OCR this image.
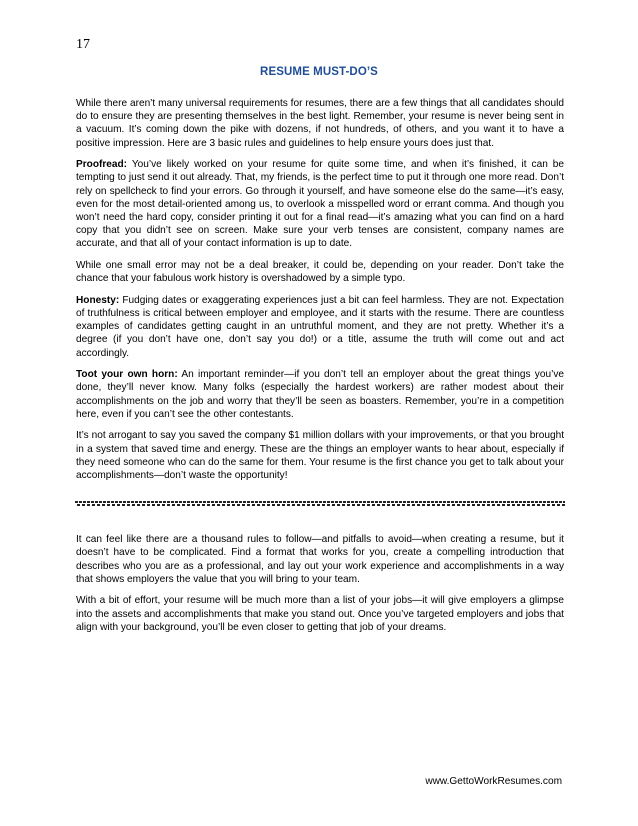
17
RESUME MUST-DO’S

While there aren’t many universal requirements for resumes, there are a few things that all candidates should do to ensure they are presenting themselves in the best light. Remember, your resume is never being sent in a vacuum. It’s coming down the pike with dozens, if not hundreds, of others, and you want it to have a positive impression. Here are 3 basic rules and guidelines to help ensure yours does just that.

Proofread: You’ve likely worked on your resume for quite some time, and when it’s finished, it can be tempting to just send it out already. That, my friends, is the perfect time to put it through one more read. Don’t rely on spellcheck to find your errors. Go through it yourself, and have someone else do the same—it’s easy, even for the most detail-oriented among us, to overlook a misspelled word or errant comma. And though you won’t need the hard copy, consider printing it out for a final read—it’s amazing what you can find on a hard copy that you didn’t see on screen. Make sure your verb tenses are consistent, company names are accurate, and that all of your contact information is up to date.

While one small error may not be a deal breaker, it could be, depending on your reader. Don’t take the chance that your fabulous work history is overshadowed by a simple typo.

Honesty: Fudging dates or exaggerating experiences just a bit can feel harmless. They are not. Expectation of truthfulness is critical between employer and employee, and it starts with the resume. There are countless examples of candidates getting caught in an untruthful moment, and they are not pretty. Whether it’s a degree (if you don’t have one, don’t say you do!) or a title, assume the truth will come out and act accordingly.

Toot your own horn: An important reminder—if you don’t tell an employer about the great things you’ve done, they’ll never know. Many folks (especially the hardest workers) are rather modest about their accomplishments on the job and worry that they’ll be seen as boasters. Remember, you’re in a competition here, even if you can’t see the other contestants.

It’s not arrogant to say you saved the company $1 million dollars with your improvements, or that you brought in a system that saved time and energy. These are the things an employer wants to hear about, especially if they need someone who can do the same for them. Your resume is the first chance you get to talk about your accomplishments—don’t waste the opportunity!

It can feel like there are a thousand rules to follow—and pitfalls to avoid—when creating a resume, but it doesn’t have to be complicated. Find a format that works for you, create a compelling introduction that describes who you are as a professional, and lay out your work experience and accomplishments in a way that shows employers the value that you will bring to your team.

With a bit of effort, your resume will be much more than a list of your jobs—it will give employers a glimpse into the assets and accomplishments that make you stand out. Once you’ve targeted employers and jobs that align with your background, you’ll be even closer to getting that job of your dreams.

www.GettoWorkResumes.com
